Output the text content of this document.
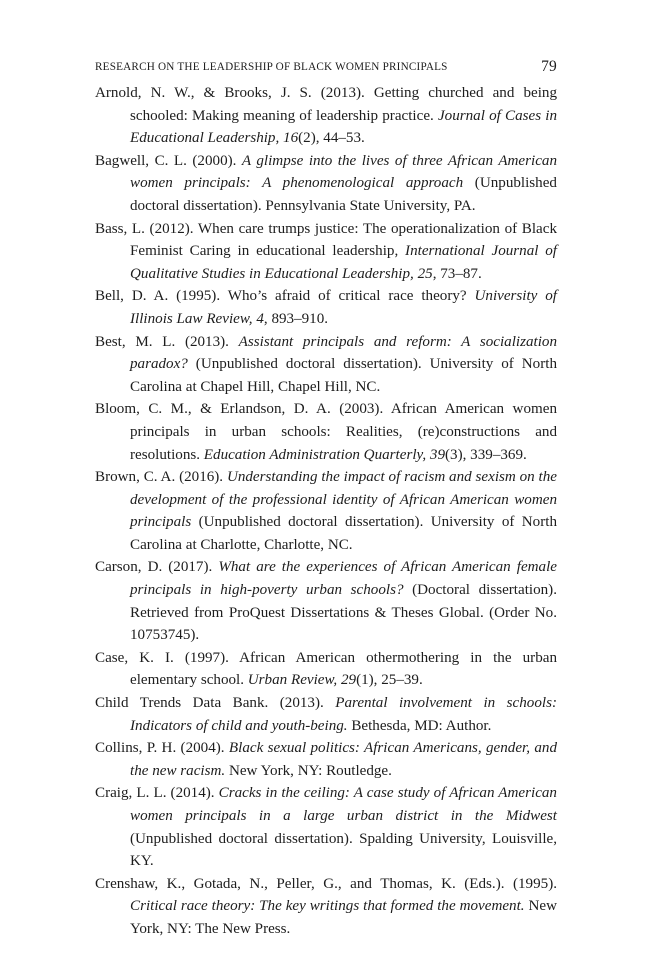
RESEARCH ON THE LEADERSHIP OF BLACK WOMEN PRINCIPALS	79
Arnold, N. W., & Brooks, J. S. (2013). Getting churched and being schooled: Making meaning of leadership practice. Journal of Cases in Educational Leadership, 16(2), 44–53.
Bagwell, C. L. (2000). A glimpse into the lives of three African American women principals: A phenomenological approach (Unpublished doctoral dissertation). Pennsylvania State University, PA.
Bass, L. (2012). When care trumps justice: The operationalization of Black Feminist Caring in educational leadership, International Journal of Qualitative Studies in Educational Leadership, 25, 73–87.
Bell, D. A. (1995). Who’s afraid of critical race theory? University of Illinois Law Review, 4, 893–910.
Best, M. L. (2013). Assistant principals and reform: A socialization paradox? (Unpublished doctoral dissertation). University of North Carolina at Chapel Hill, Chapel Hill, NC.
Bloom, C. M., & Erlandson, D. A. (2003). African American women principals in urban schools: Realities, (re)constructions and resolutions. Education Administration Quarterly, 39(3), 339–369.
Brown, C. A. (2016). Understanding the impact of racism and sexism on the development of the professional identity of African American women principals (Unpublished doctoral dissertation). University of North Carolina at Charlotte, Charlotte, NC.
Carson, D. (2017). What are the experiences of African American female principals in high-poverty urban schools? (Doctoral dissertation). Retrieved from ProQuest Dissertations & Theses Global. (Order No. 10753745).
Case, K. I. (1997). African American othermothering in the urban elementary school. Urban Review, 29(1), 25–39.
Child Trends Data Bank. (2013). Parental involvement in schools: Indicators of child and youth-being. Bethesda, MD: Author.
Collins, P. H. (2004). Black sexual politics: African Americans, gender, and the new racism. New York, NY: Routledge.
Craig, L. L. (2014). Cracks in the ceiling: A case study of African American women principals in a large urban district in the Midwest (Unpublished doctoral dissertation). Spalding University, Louisville, KY.
Crenshaw, K., Gotada, N., Peller, G., and Thomas, K. (Eds.). (1995). Critical race theory: The key writings that formed the movement. New York, NY: The New Press.
